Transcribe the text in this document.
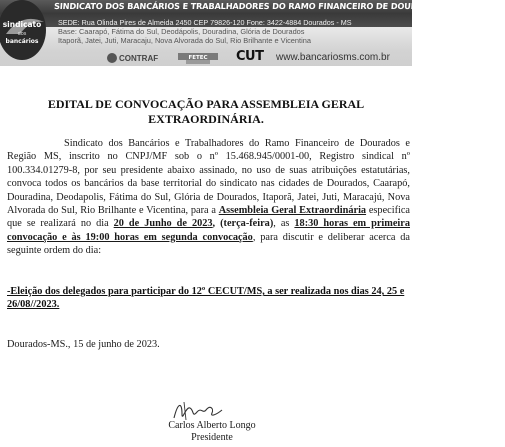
sindicato
dos
bancários
SINDICATO DOS BANCÁRIOS E TRABALHADORES DO RAMO FINANCEIRO DE DOURADOS E REGIÃO-MS
SEDE: Rua Olinda Pires de Almeida 2450 CEP 79826-120 Fone: 3422-4884 Dourados - MS
Base: Caarapó, Fátima do Sul, Deodápolis, Douradina, Glória de Dourados
Itaporã, Jatei, Juti, Maracaju, Nova Alvorada do Sul, Rio Brilhante e Vicentina
CONTRAF	FETEC CUT www.bancariosms.com.br
EDITAL DE CONVOCAÇÃO PARA ASSEMBLEIA GERAL
EXTRAORDINÁRIA.

Sindicato dos Bancários e Trabalhadores do Ramo Financeiro de Dourados e Região MS, inscrito no CNPJ/MF sob o nº 15.468.945/0001-00, Registro sindical nº 100.334.01279-8, por seu presidente abaixo assinado, no uso de suas atribuições estatutárias, convoca todos os bancários da base territorial do sindicato nas cidades de Dourados, Caarapó, Douradina, Deodapolis, Fátima do Sul, Glória de Dourados, Itaporã, Jatei, Juti, Maracajú, Nova Alvorada do Sul, Rio Brilhante e Vicentina, para a Assembleia Geral Extraordinária especifica que se realizará no dia 20 de Junho de 2023, (terça-feira), as 18:30 horas em primeira convocação e às 19:00 horas em segunda convocação, para discutir e deliberar acerca da seguinte ordem do dia:

-Eleição dos delegados para participar do 12º CECUT/MS, a ser realizada nos dias 24, 25 e 26/08//2023.
Dourados-MS., 15 de junho de 2023.
Carlos Alberto Longo
Presidente
